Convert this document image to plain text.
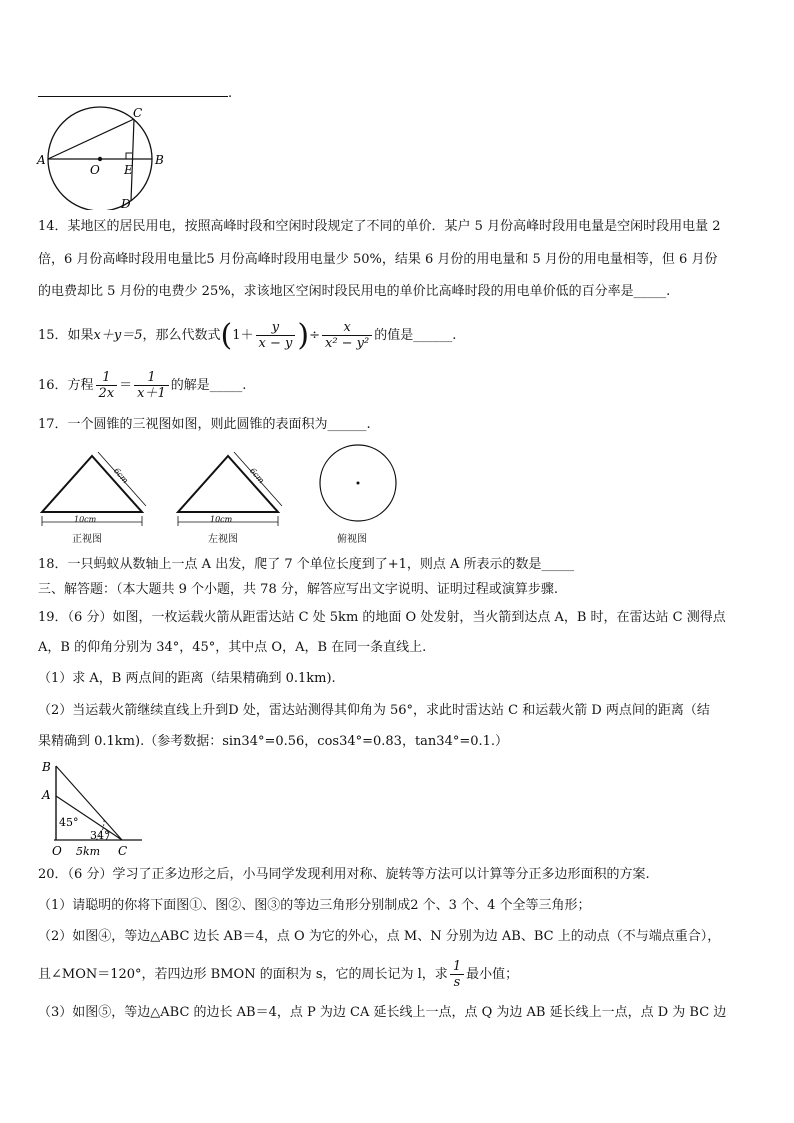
.
A	B
C
D
O E
14．某地区的居民用电，按照高峰时段和空闲时段规定了不同的单价．某户 5 月份高峰时段用电量是空闲时段用电量 2
倍，6 月份高峰时段用电量比5 月份高峰时段用电量少 50%，结果 6 月份的用电量和 5 月份的用电量相等，但 6 月份
的电费却比 5 月份的电费少 25%，求该地区空闲时段民用电的单价比高峰时段的用电单价低的百分率是_____.
15．如果x＋y＝5，那么代数式($1+ \frac{y}{x - y}$ )÷ $\frac{x}{\text{x² − y²}}$ 的值是______.
16．方程 $\frac{1}{2x} = \frac{1}{x+1}$ 的解是_____.
17．一个圆锥的三视图如图，则此圆锥的表面积为______.
6cm
10cm
正视图
6cm
10cm
左视图	俯视图
18．一只蚂蚁从数轴上一点 A 出发，爬了 7 个单位长度到了+1，则点 A 所表示的数是_____
三、解答题：（本大题共 9 个小题，共 78 分，解答应写出文字说明、证明过程或演算步骤.
19．（6 分）如图，一枚运载火箭从距雷达站 C 处 5km 的地面 O 处发射，当火箭到达点 A，B 时，在雷达站 C 测得点
A，B 的仰角分别为 34°，45°，其中点 O，A，B 在同一条直线上.
（1）求 A，B 两点间的距离（结果精确到 0.1km).
（2）当运载火箭继续直线上升到D 处，雷达站测得其仰角为 56°，求此时雷达站 C 和运载火箭 D 两点间的距离（结
果精确到 0.1km).（参考数据：sin34°=0.56，cos34°=0.83，tan34°=0.1.）
B
A
O	C
45°
34°
5km
20．（6 分）学习了正多边形之后，小马同学发现利用对称、旋转等方法可以计算等分正多边形面积的方案.
（1）请聪明的你将下面图①、图②、图③的等边三角形分别制成2 个、3 个、4 个全等三角形；
（2）如图④，等边△ABC 边长 AB＝4，点 O 为它的外心，点 M、N 分别为边 AB、BC 上的动点（不与端点重合），
且∠MON＝120°，若四边形 BMON 的面积为 s，它的周长记为 l，求 $\frac{1}{s}$ 最小值；
（3）如图⑤，等边△ABC 的边长 AB＝4，点 P 为边 CA 延长线上一点，点 Q 为边 AB 延长线上一点，点 D 为 BC 边
